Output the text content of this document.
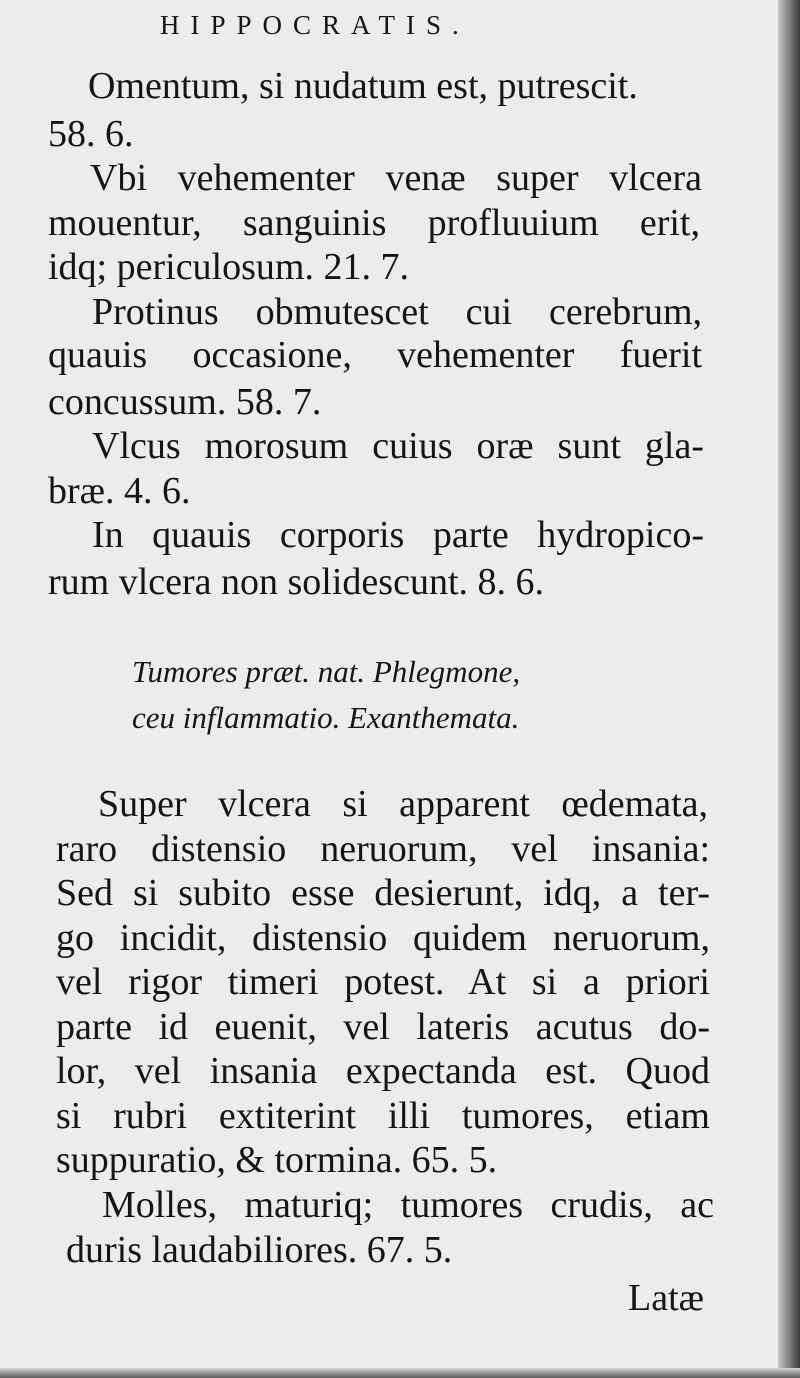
HIPPOCRATIS.

Omentum, si nudatum est, putrescit.

58. 6.

Vbi vehementer venæ super vlcera

mouentur, sanguinis profluuium erit,

idq; periculosum. 21. 7.

Protinus obmutescet cui cerebrum,

quauis occasione, vehementer fuerit

concussum. 58. 7.

Vlcus morosum cuius oræ sunt gla-

bræ. 4. 6.

In quauis corporis parte hydropico-

rum vlcera non solidescunt. 8. 6.

Tumores præt. nat. Phlegmone,

ceu inflammatio. Exanthemata.

Super vlcera si apparent œdemata,

raro distensio neruorum, vel insania:

Sed si subito esse desierunt, idq, a ter-

go incidit, distensio quidem neruorum,

vel rigor timeri potest. At si a priori

parte id euenit, vel lateris acutus do-

lor, vel insania expectanda est. Quod

si rubri extiterint illi tumores, etiam

suppuratio, & tormina. 65. 5.

Molles, maturiq; tumores crudis, ac

duris laudabiliores. 67. 5.

Latæ
